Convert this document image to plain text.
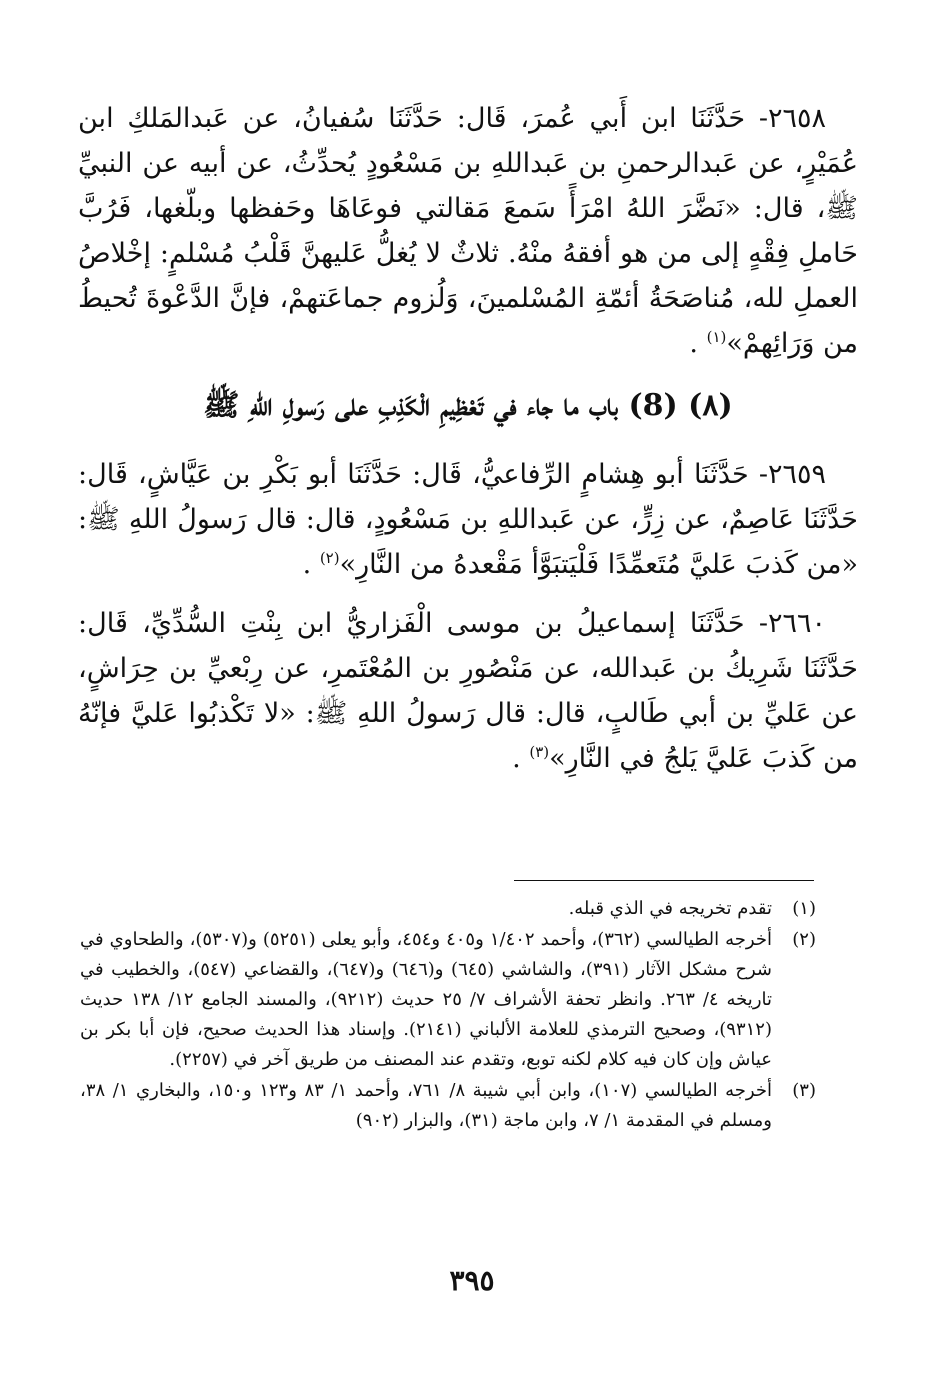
٢٦٥٨- حَدَّثَنَا ابن أَبي عُمرَ، قَال: حَدَّثَنَا سُفيانُ، عن عَبدالمَلكِ ابن عُمَيْرٍ، عن عَبدالرحمنِ بن عَبداللهِ بن مَسْعُودٍ يُحدِّثُ، عن أبيه عن النبيِّ ﷺ، قال: «نَضَّرَ اللهُ امْرَأً سَمعَ مَقالتي فوعَاهَا وحَفظها وبلّغها، فَرُبَّ حَاملِ فِقْهٍ إلى من هو أفقهُ منْهُ. ثلاثٌ لا يُغلُّ عَليهنَّ قَلْبُ مُسْلمٍ: إخْلاصُ العملِ لله، مُناصَحَةُ أئمّةِ المُسْلمينَ، وَلُزوم جماعَتهمْ، فإنَّ الدَّعْوةَ تُحيطُ من وَرَائِهمْ»$^{(١)}$ .

(٨) (8) باب ما جاء في تَعْظِيمِ الْكَذِبِ على رَسولِ اللهِ ﷺ

٢٦٥٩- حَدَّثَنَا أبو هِشامٍ الرِّفاعيُّ، قَال: حَدَّثَنَا أبو بَكْرِ بن عَيَّاشٍ، قَال: حَدَّثَنَا عَاصِمٌ، عن زِرٍّ، عن عَبداللهِ بن مَسْعُودٍ، قال: قال رَسولُ اللهِ ﷺ: «من كَذبَ عَليَّ مُتَعمِّدًا فَلْيَتبَوَّأ مَقْعدهُ من النَّارِ»$^{(٢)}$ .

٢٦٦٠- حَدَّثَنَا إسماعيلُ بن موسى الْفَزاريُّ ابن بِنْتِ السُّدِّيِّ، قَال: حَدَّثَنَا شَرِيكُ بن عَبدالله، عن مَنْصُورِ بن المُعْتَمرِ، عن رِبْعيِّ بن حِرَاشٍ، عن عَليِّ بن أبي طَالبٍ، قال: قال رَسولُ اللهِ ﷺ: «لا تَكْذبُوا عَليَّ فإنّهُ من كَذبَ عَليَّ يَلجُ في النَّارِ»$^{(٣)}$ .

(١)
تقدم تخريجه في الذي قبله.
(٢)
أخرجه الطيالسي (٣٦٢)، وأحمد ١/٤٠٢ و٤٠٥ و٤٥٤، وأبو يعلى (٥٢٥١) و(٥٣٠٧)، والطحاوي في شرح مشكل الآثار (٣٩١)، والشاشي (٦٤٥) و(٦٤٦) و(٦٤٧)، والقضاعي (٥٤٧)، والخطيب في تاريخه ٤/ ٢٦٣. وانظر تحفة الأشراف ٧/ ٢٥ حديث (٩٢١٢)، والمسند الجامع ١٢/ ١٣٨ حديث (٩٣١٢)، وصحيح الترمذي للعلامة الألباني (٢١٤١). وإسناد هذا الحديث صحيح، فإن أبا بكر بن عياش وإن كان فيه كلام لكنه توبع، وتقدم عند المصنف من طريق آخر في (٢٢٥٧).
(٣)
أخرجه الطيالسي (١٠٧)، وابن أبي شيبة ٨/ ٧٦١، وأحمد ١/ ٨٣ و١٢٣ و١٥٠، والبخاري ١/ ٣٨، ومسلم في المقدمة ١/ ٧، وابن ماجة (٣١)، والبزار (٩٠٢)
٣٩٥
